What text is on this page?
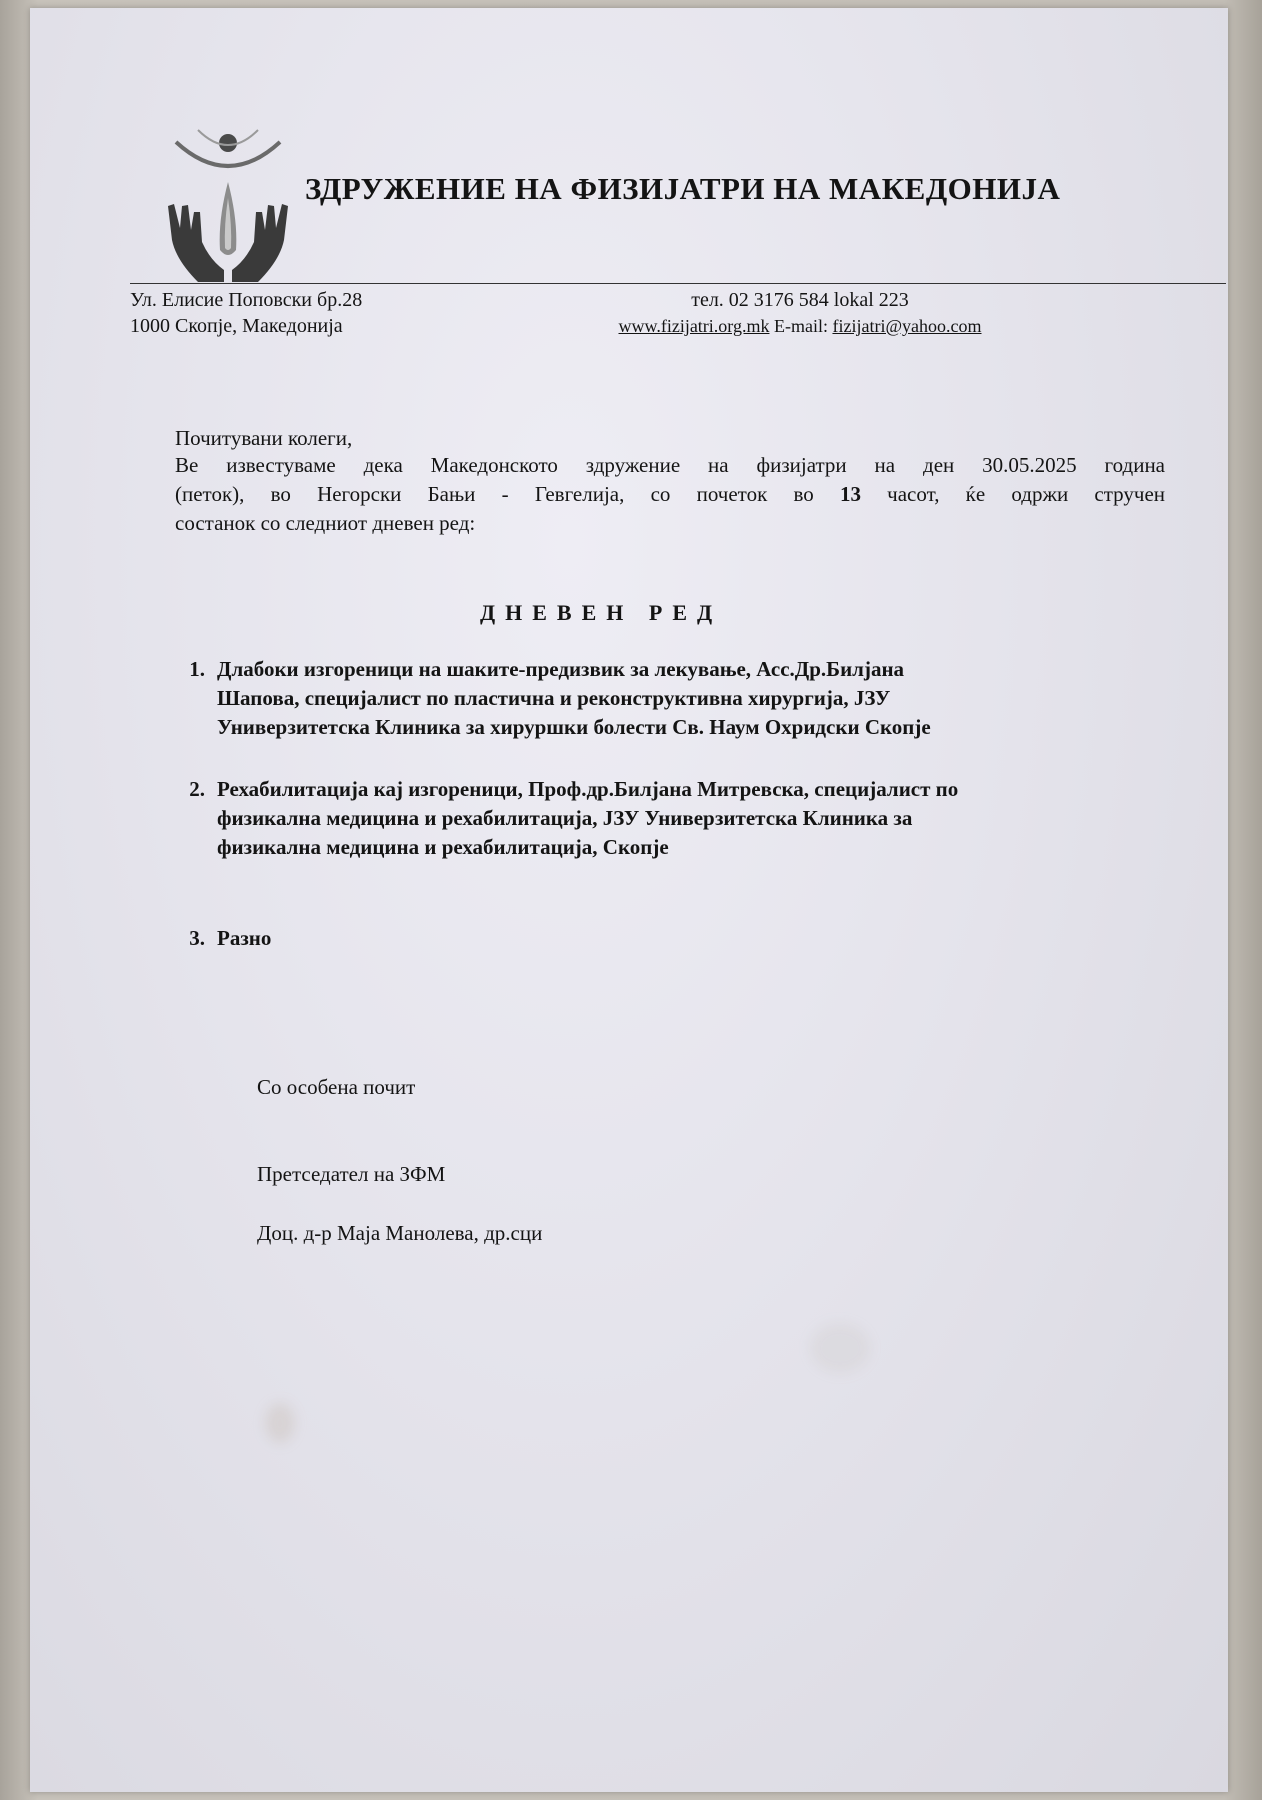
ЗДРУЖЕНИЕ НА ФИЗИЈАТРИ НА МАКЕДОНИЈА
Ул. Елисие Поповски бр.28
1000 Скопје, Македонија
тел. 02 3176 584 lokal 223
www.fizijatri.org.mk E-mail: fizijatri@yahoo.com
Почитувани колеги,
Ве известуваме дека Македонското здружение на физијатри на ден 30.05.2025 година
(петок), во Негорски Бањи - Гевгелија, со почеток во 13 часот, ќе одржи стручен
состанок со следниот дневен ред:
ДНЕВЕН РЕД
1. Длабоки изгореници на шаките-предизвик за лекување, Асс.Др.Билјана
Шапова, специјалист по пластична и реконструктивна хирургија, ЈЗУ
Универзитетска Клиника за хируршки болести Св. Наум Охридски Скопје
2. Рехабилитација кај изгореници, Проф.др.Билјана Митревска, специјалист по
физикална медицина и рехабилитација, ЈЗУ Универзитетска Клиника за
физикална медицина и рехабилитација, Скопје
3. Разно
Со особена почит
Претседател на ЗФМ
Доц. д-р Маја Манолева, др.сци
